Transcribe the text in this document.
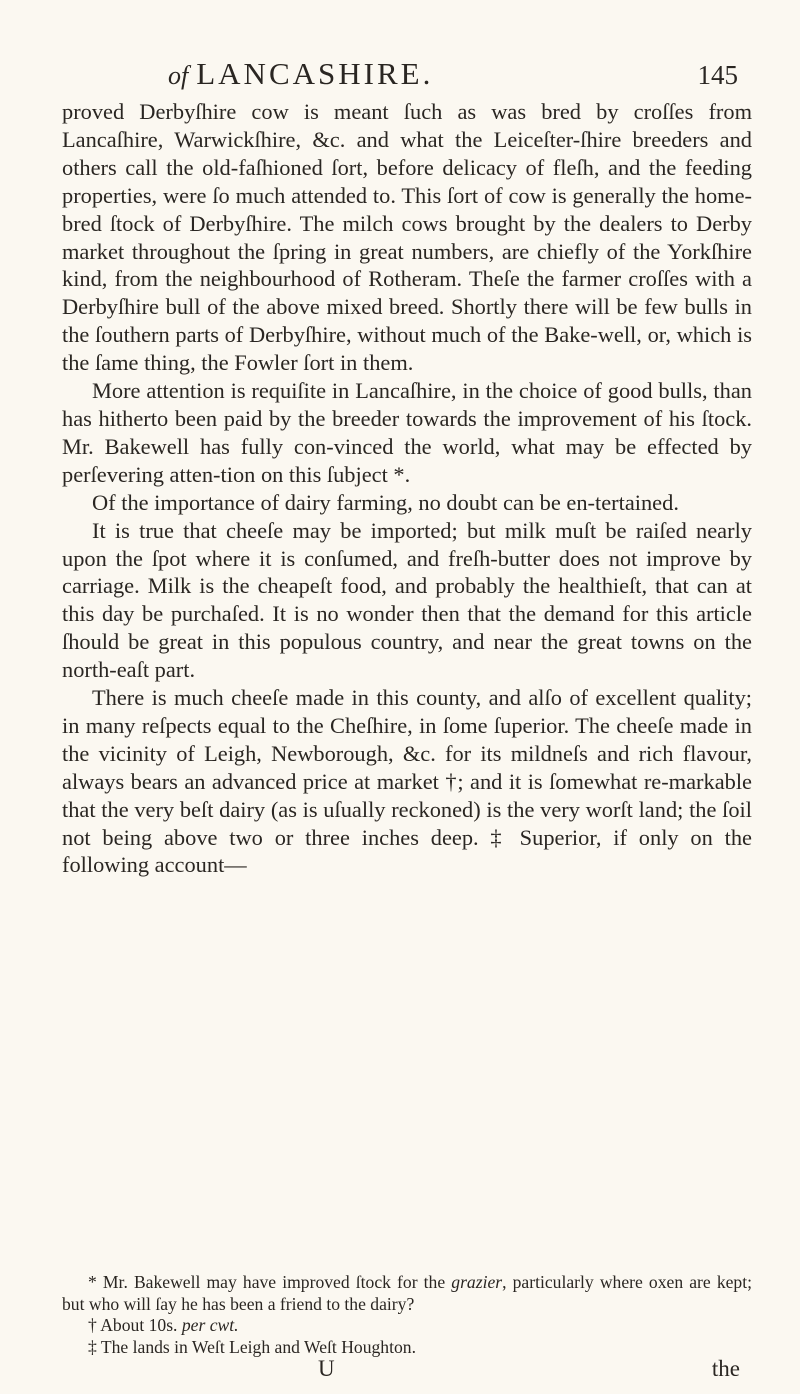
of LANCASHIRE.	145

proved Derbyſhire cow is meant ſuch as was bred by croſſes from Lancaſhire, Warwickſhire, &c. and what the Leiceſter-ſhire breeders and others call the old-faſhioned ſort, before delicacy of fleſh, and the feeding properties, were ſo much attended to. This ſort of cow is generally the home-bred ſtock of Derbyſhire. The milch cows brought by the dealers to Derby market throughout the ſpring in great numbers, are chiefly of the Yorkſhire kind, from the neighbourhood of Rotheram. Theſe the farmer croſſes with a Derbyſhire bull of the above mixed breed. Shortly there will be few bulls in the ſouthern parts of Derbyſhire, without much of the Bake-well, or, which is the ſame thing, the Fowler ſort in them.

More attention is requiſite in Lancaſhire, in the choice of good bulls, than has hitherto been paid by the breeder towards the improvement of his ſtock. Mr. Bakewell has fully con-vinced the world, what may be effected by perſevering atten-tion on this ſubject *.

Of the importance of dairy farming, no doubt can be en-tertained.

It is true that cheeſe may be imported; but milk muſt be raiſed nearly upon the ſpot where it is conſumed, and freſh-butter does not improve by carriage. Milk is the cheapeſt food, and probably the healthieſt, that can at this day be purchaſed. It is no wonder then that the demand for this article ſhould be great in this populous country, and near the great towns on the north-eaſt part.

There is much cheeſe made in this county, and alſo of excellent quality; in many reſpects equal to the Cheſhire, in ſome ſuperior. The cheeſe made in the vicinity of Leigh, Newborough, &c. for its mildneſs and rich flavour, always bears an advanced price at market †; and it is ſomewhat re-markable that the very beſt dairy (as is uſually reckoned) is the very worſt land; the ſoil not being above two or three inches deep. ‡ Superior, if only on the following account—

* Mr. Bakewell may have improved ſtock for the grazier, particularly where oxen are kept; but who will ſay he has been a friend to the dairy?

† About 10s. per cwt.

‡ The lands in Weſt Leigh and Weſt Houghton.

U	the
